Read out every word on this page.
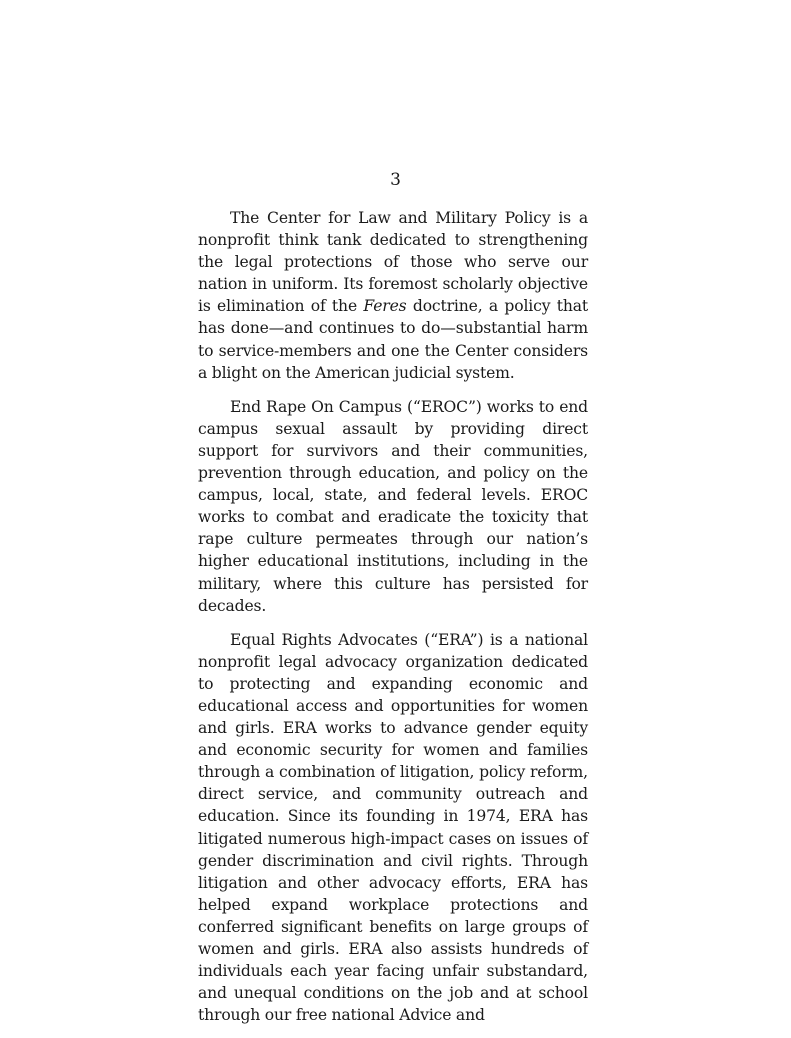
3

The Center for Law and Military Policy is a nonprofit think tank dedicated to strengthening the legal protections of those who serve our nation in uniform. Its foremost scholarly objective is elimination of the Feres doctrine, a policy that has done—and continues to do—substantial harm to service-members and one the Center considers a blight on the American judicial system.

End Rape On Campus (“EROC”) works to end campus sexual assault by providing direct support for survivors and their communities, prevention through education, and policy on the campus, local, state, and federal levels. EROC works to combat and eradicate the toxicity that rape culture permeates through our nation’s higher educational institutions, including in the military, where this culture has persisted for decades.

Equal Rights Advocates (“ERA”) is a national nonprofit legal advocacy organization dedicated to protecting and expanding economic and educational access and opportunities for women and girls. ERA works to advance gender equity and economic security for women and families through a combination of litigation, policy reform, direct service, and community outreach and education. Since its founding in 1974, ERA has litigated numerous high-impact cases on issues of gender discrimination and civil rights. Through litigation and other advocacy efforts, ERA has helped expand workplace protections and conferred significant benefits on large groups of women and girls. ERA also assists hundreds of individuals each year facing unfair substandard, and unequal conditions on the job and at school through our free national Advice and
